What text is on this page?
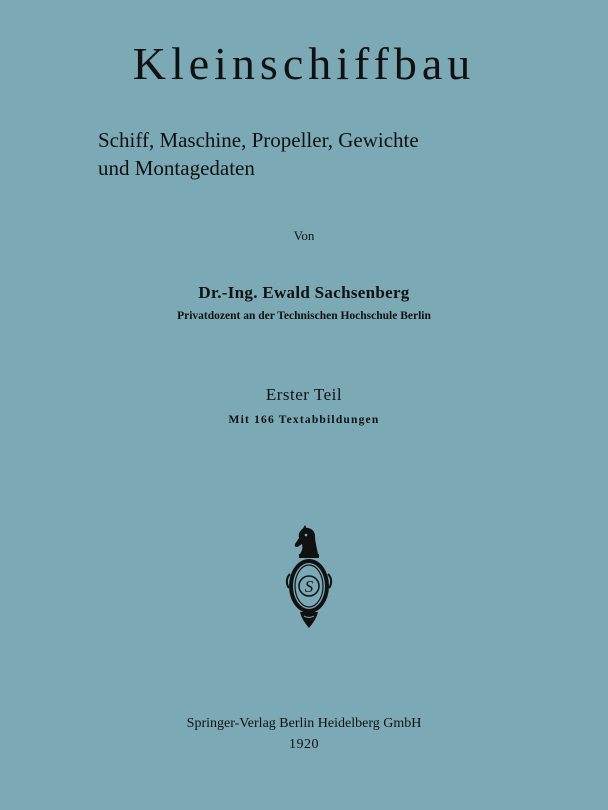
Kleinschiffbau
Schiff, Maschine, Propeller, Gewichte
und Montagedaten
Von
Dr.-Ing. Ewald Sachsenberg
Privatdozent an der Technischen Hochschule Berlin
Erster Teil
Mit 166 Textabbildungen
S
Springer-Verlag Berlin Heidelberg GmbH
1920
